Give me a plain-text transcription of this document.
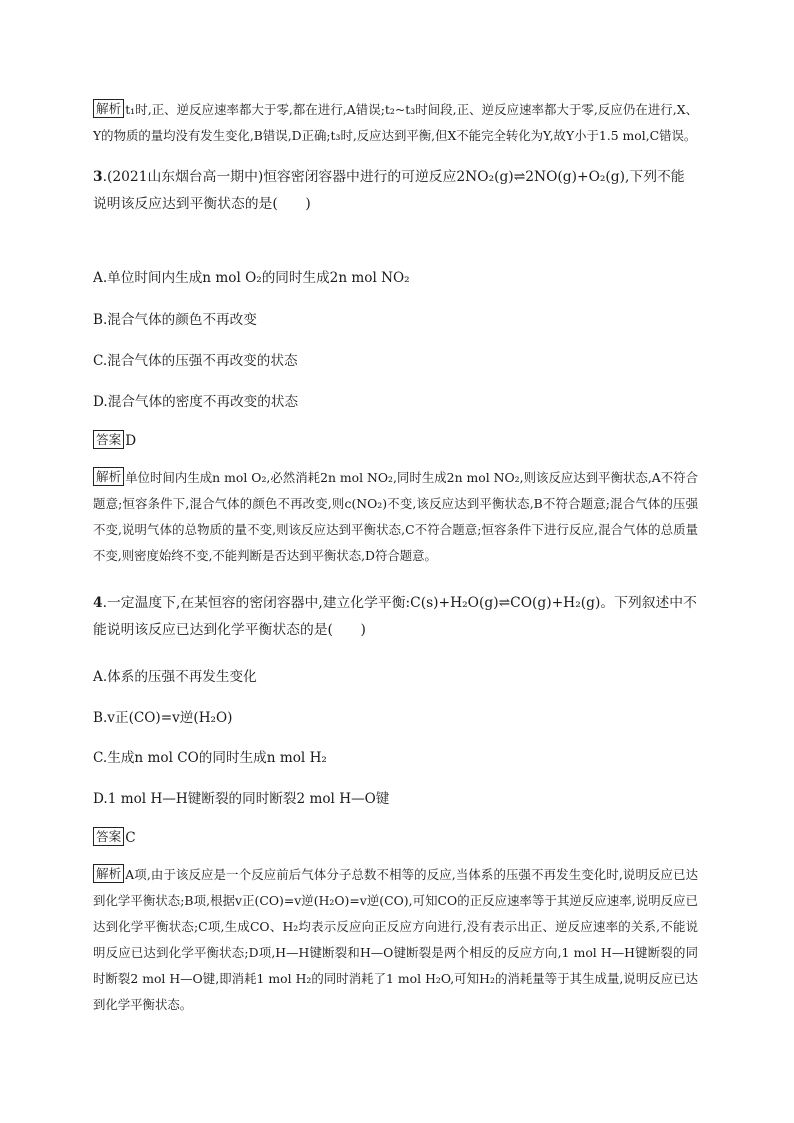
解析 t₁时,正、逆反应速率都大于零,都在进行,A错误;t₂~t₃时间段,正、逆反应速率都大于零,反应仍在进行,X、Y的物质的量均没有发生变化,B错误,D正确;t₃时,反应达到平衡,但X不能完全转化为Y,故Y小于1.5 mol,C错误。
3.(2021山东烟台高一期中)恒容密闭容器中进行的可逆反应2NO₂(g)⇌2NO(g)+O₂(g),下列不能说明该反应达到平衡状态的是(　　)
A.单位时间内生成n mol O₂的同时生成2n mol NO₂
B.混合气体的颜色不再改变
C.混合气体的压强不再改变的状态
D.混合气体的密度不再改变的状态
答案 D
解析 单位时间内生成n mol O₂,必然消耗2n mol NO₂,同时生成2n mol NO₂,则该反应达到平衡状态,A不符合题意;恒容条件下,混合气体的颜色不再改变,则c(NO₂)不变,该反应达到平衡状态,B不符合题意;混合气体的压强不变,说明气体的总物质的量不变,则该反应达到平衡状态,C不符合题意;恒容条件下进行反应,混合气体的总质量不变,则密度始终不变,不能判断是否达到平衡状态,D符合题意。
4.一定温度下,在某恒容的密闭容器中,建立化学平衡:C(s)+H₂O(g)⇌CO(g)+H₂(g)。下列叙述中不能说明该反应已达到化学平衡状态的是(　　)
A.体系的压强不再发生变化
B.v正(CO)=v逆(H₂O)
C.生成n mol CO的同时生成n mol H₂
D.1 mol H—H键断裂的同时断裂2 mol H—O键
答案 C
解析 A项,由于该反应是一个反应前后气体分子总数不相等的反应,当体系的压强不再发生变化时,说明反应已达到化学平衡状态;B项,根据v正(CO)=v逆(H₂O)=v逆(CO),可知CO的正反应速率等于其逆反应速率,说明反应已达到化学平衡状态;C项,生成CO、H₂均表示反应向正反应方向进行,没有表示出正、逆反应速率的关系,不能说明反应已达到化学平衡状态;D项,H—H键断裂和H—O键断裂是两个相反的反应方向,1 mol H—H键断裂的同时断裂2 mol H—O键,即消耗1 mol H₂的同时消耗了1 mol H₂O,可知H₂的消耗量等于其生成量,说明反应已达到化学平衡状态。
